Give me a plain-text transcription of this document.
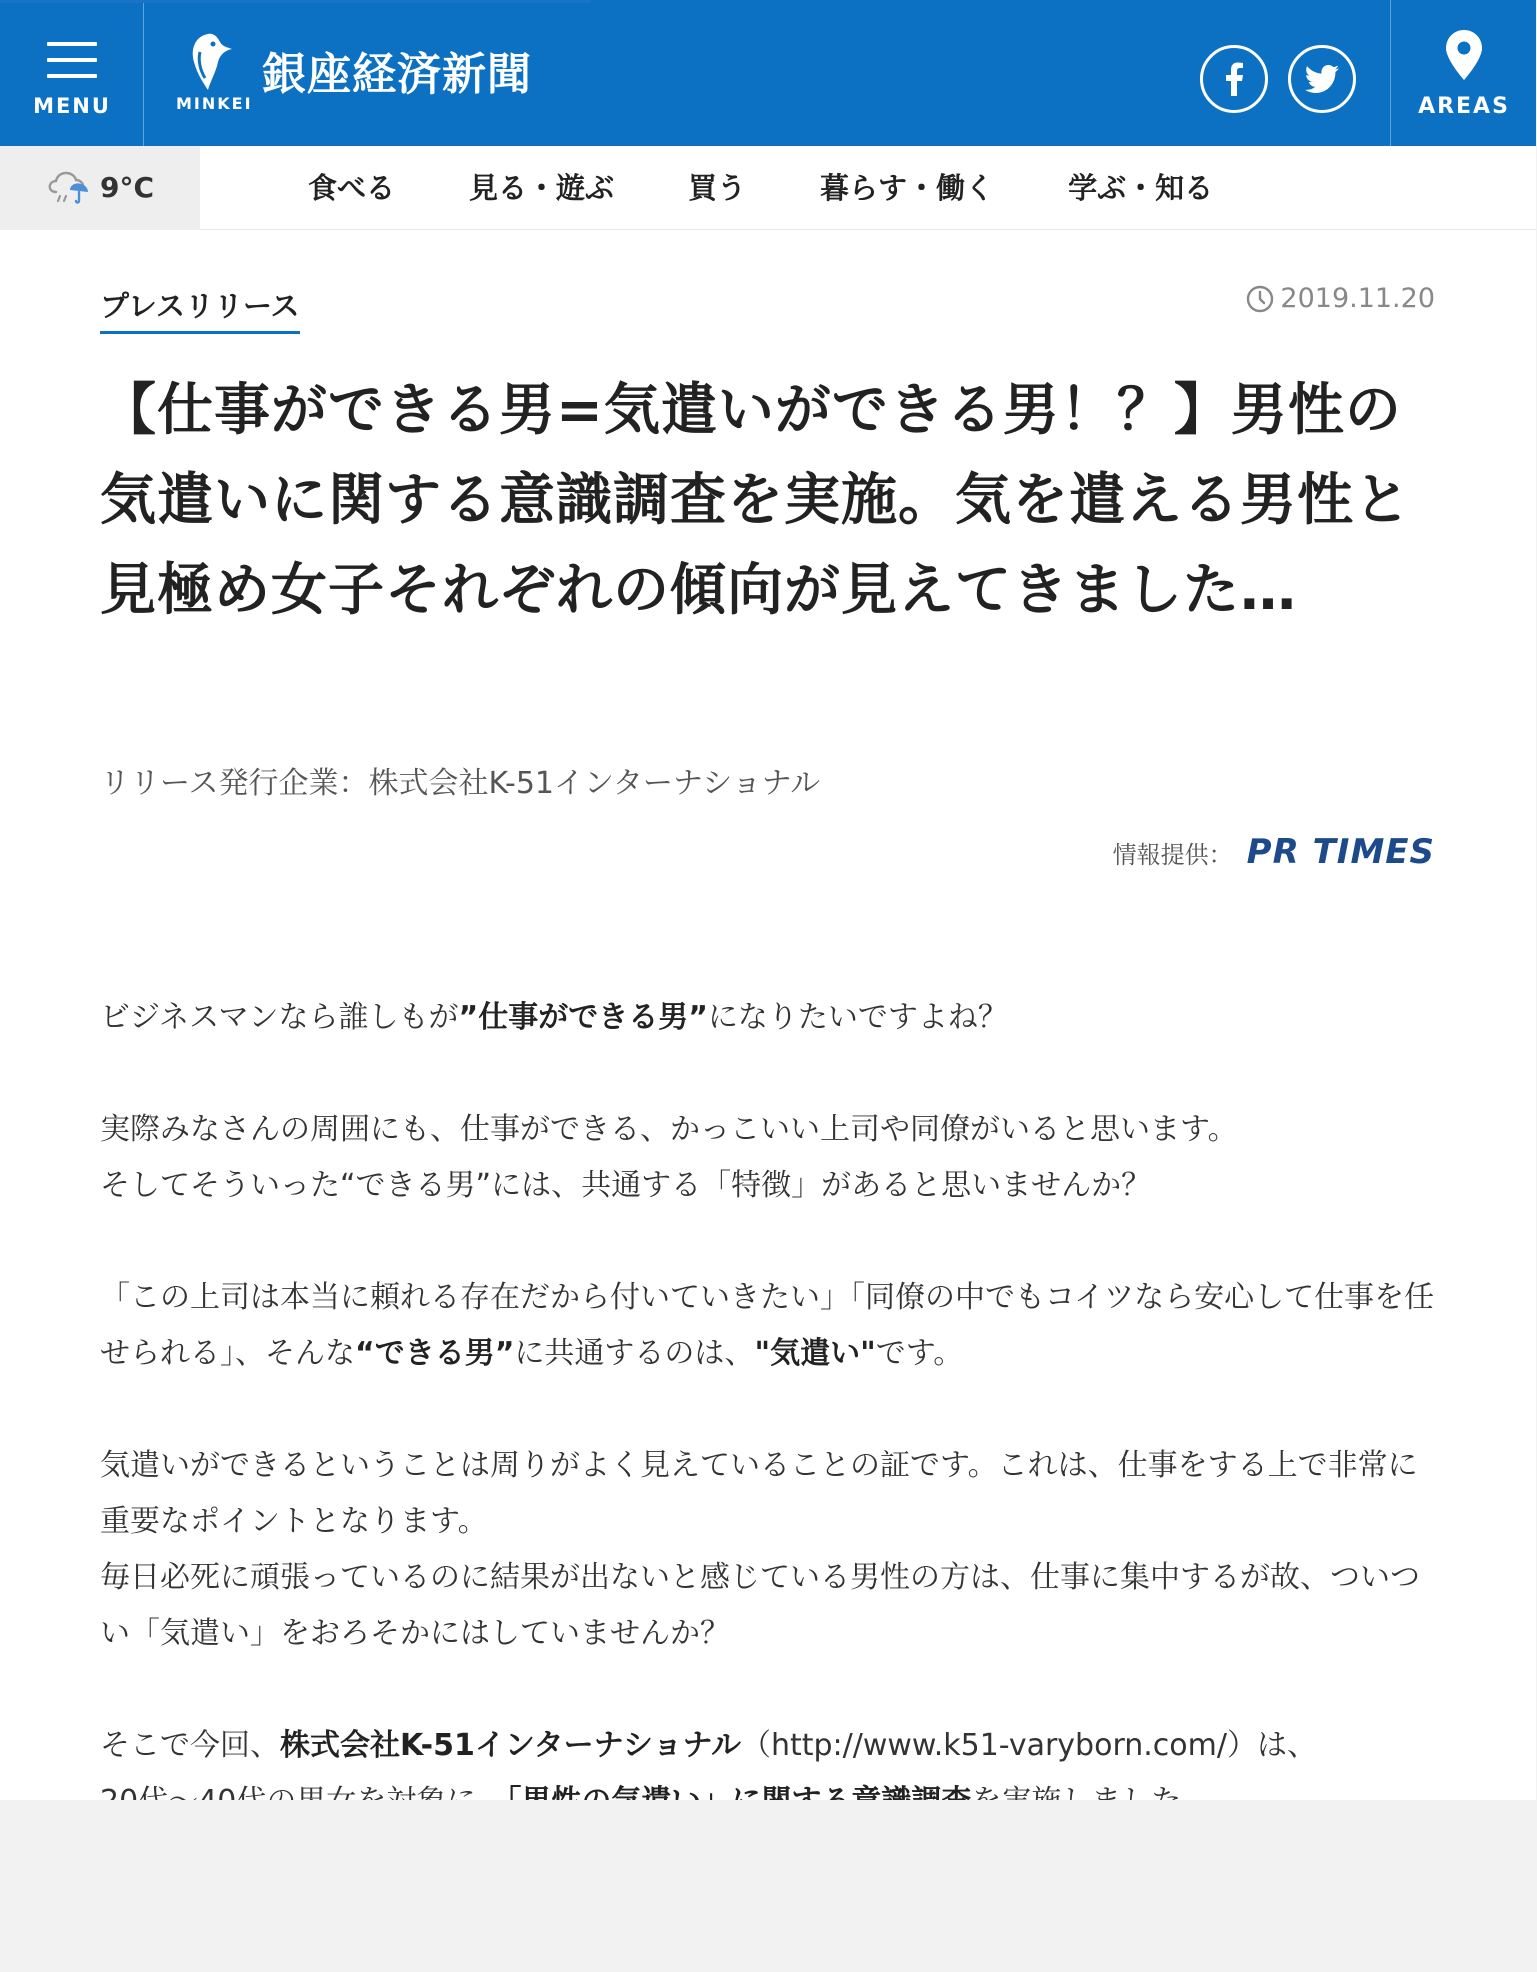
MENU	MINKEI
銀座経済新聞
AREAS
9°C	食べる	見る・遊ぶ	買う	暮らす・働く	学ぶ・知る
プレスリリース	2019.11.20
【仕事ができる男=気遣いができる男！？】男性の気遣いに関する意識調査を実施。気を遣える男性と見極め女子それぞれの傾向が見えてきました…
リリース発行企業：株式会社K-51インターナショナル
情報提供： PR TIMES

ビジネスマンなら誰しもが”仕事ができる男”になりたいですよね？

実際みなさんの周囲にも、仕事ができる、かっこいい上司や同僚がいると思います。
そしてそういった“できる男”には、共通する「特徴」があると思いませんか？

「この上司は本当に頼れる存在だから付いていきたい」「同僚の中でもコイツなら安心して仕事を任せられる」、そんな“できる男”に共通するのは、"気遣い"です。

気遣いができるということは周りがよく見えていることの証です。これは、仕事をする上で非常に重要なポイントとなります。
毎日必死に頑張っているのに結果が出ないと感じている男性の方は、仕事に集中するが故、ついつい「気遣い」をおろそかにはしていませんか？

そこで今回、株式会社K-51インターナショナル（http://www.k51-varyborn.com/）は、
